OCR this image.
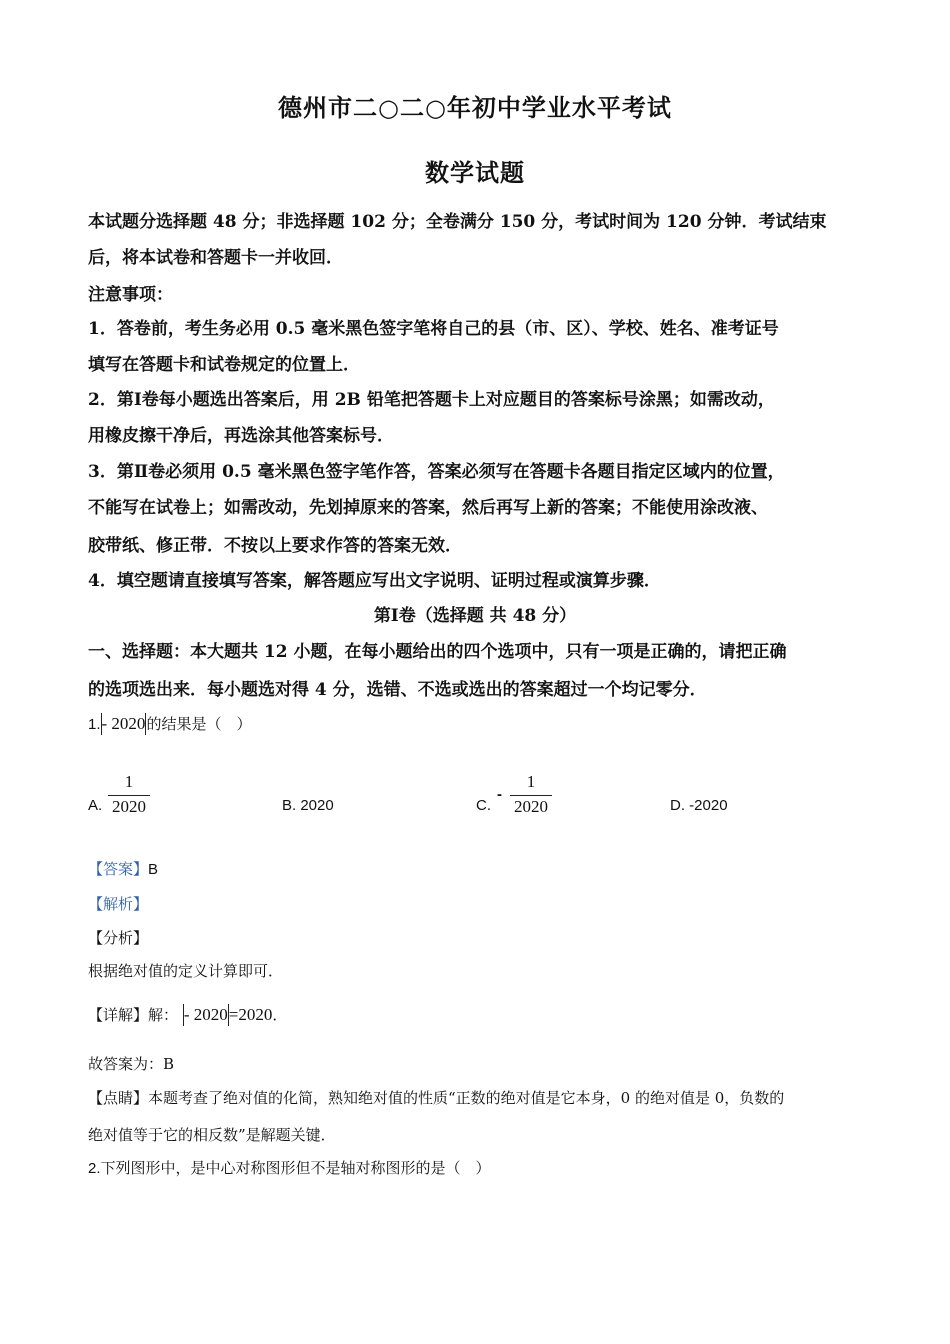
德州市二○二○年初中学业水平考试
数学试题
本试题分选择题 48 分；非选择题 102 分；全卷满分 150 分，考试时间为 120 分钟．考试结束
后，将本试卷和答题卡一并收回．
注意事项：
1．答卷前，考生务必用 0.5 毫米黑色签字笔将自己的县（市、区）、学校、姓名、准考证号
填写在答题卡和试卷规定的位置上．
2．第Ⅰ卷每小题选出答案后，用 2B 铅笔把答题卡上对应题目的答案标号涂黑；如需改动，
用橡皮擦干净后，再选涂其他答案标号．
3．第Ⅱ卷必须用 0.5 毫米黑色签字笔作答，答案必须写在答题卡各题目指定区域内的位置，
不能写在试卷上；如需改动，先划掉原来的答案，然后再写上新的答案；不能使用涂改液、
胶带纸、修正带．不按以上要求作答的答案无效．
4．填空题请直接填写答案，解答题应写出文字说明、证明过程或演算步骤．
第Ⅰ卷（选择题 共 48 分）
一、选择题：本大题共 12 小题，在每小题给出的四个选项中，只有一项是正确的，请把正确
的选项选出来．每小题选对得 4 分，选错、不选或选出的答案超过一个均记零分．
1.- 2020的结果是（　）
A.
1
2020	B. 2020	C.
-
1
2020	D. -2020
【答案】B
【解析】
【分析】
根据绝对值的定义计算即可．
【详解】解： - 2020=2020．
故答案为：B
【点睛】本题考查了绝对值的化简，熟知绝对值的性质“正数的绝对值是它本身，0 的绝对值是 0，负数的
绝对值等于它的相反数”是解题关键．
2.下列图形中，是中心对称图形但不是轴对称图形的是（　）
